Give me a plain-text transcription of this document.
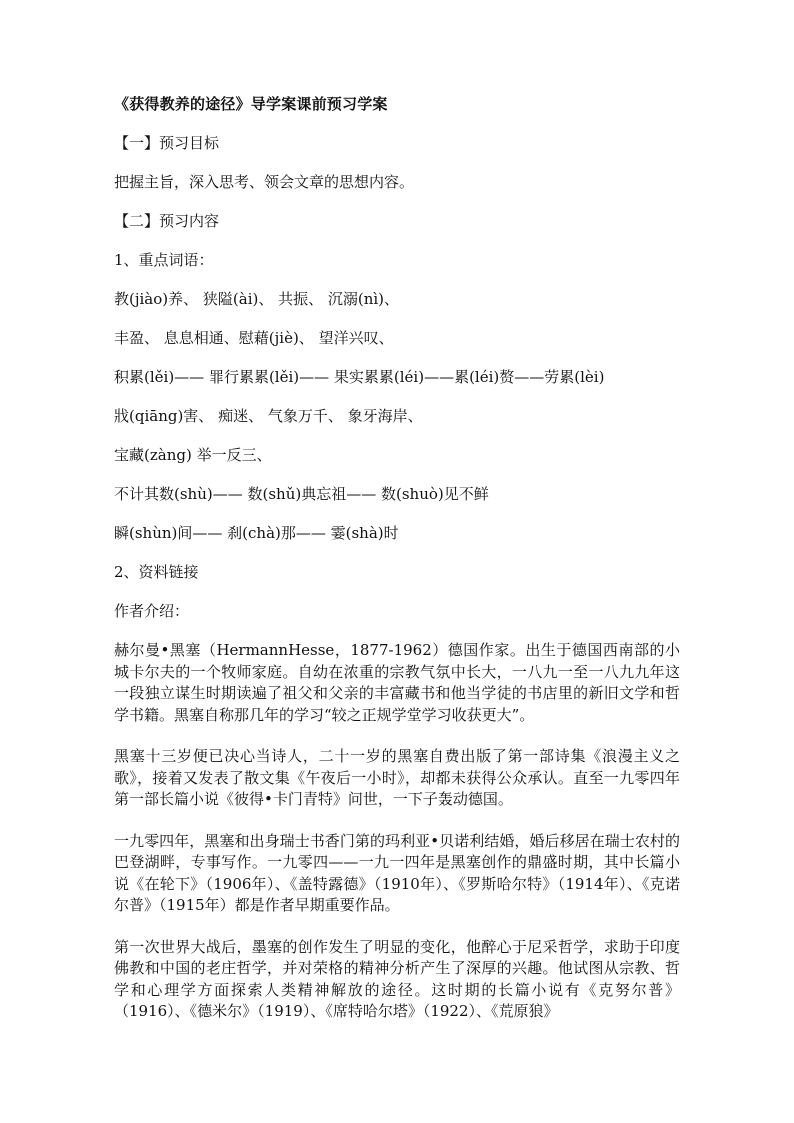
《获得教养的途径》导学案课前预习学案
【一】预习目标
把握主旨，深入思考、领会文章的思想内容。
【二】预习内容
1、重点词语：
教(jiào)养、 狭隘(ài)、 共振、 沉溺(nì)、
丰盈、 息息相通、慰藉(jiè)、 望洋兴叹、
积累(lěi)—— 罪行累累(lěi)—— 果实累累(léi)——累(léi)赘——劳累(lèi)
戕(qiāng)害、 痴迷、 气象万千、 象牙海岸、
宝藏(zàng) 举一反三、
不计其数(shù)—— 数(shǔ)典忘祖—— 数(shuò)见不鲜
瞬(shùn)间—— 刹(chà)那—— 霎(shà)时
2、资料链接
作者介绍：
赫尔曼•黑塞（HermannHesse，1877-1962）德国作家。出生于德国西南部的小城卡尔夫的一个牧师家庭。自幼在浓重的宗教气氛中长大，一八九一至一八九九年这一段独立谋生时期读遍了祖父和父亲的丰富藏书和他当学徒的书店里的新旧文学和哲学书籍。黑塞自称那几年的学习“较之正规学堂学习收获更大”。
黑塞十三岁便已决心当诗人，二十一岁的黑塞自费出版了第一部诗集《浪漫主义之歌》，接着又发表了散文集《午夜后一小时》，却都未获得公众承认。直至一九零四年第一部长篇小说《彼得•卡门青特》问世，一下子轰动德国。
一九零四年，黑塞和出身瑞士书香门第的玛利亚•贝诺利结婚，婚后移居在瑞士农村的巴登湖畔，专事写作。一九零四——一九一四年是黑塞创作的鼎盛时期，其中长篇小说《在轮下》（1906年）、《盖特露德》（1910年）、《罗斯哈尔特》（1914年）、《克诺尔普》（1915年）都是作者早期重要作品。
第一次世界大战后，墨塞的创作发生了明显的变化，他醉心于尼采哲学，求助于印度佛教和中国的老庄哲学，并对荣格的精神分析产生了深厚的兴趣。他试图从宗教、哲学和心理学方面探索人类精神解放的途径。这时期的长篇小说有《克努尔普》（1916）、《德米尔》（1919）、《席特哈尔塔》（1922）、《荒原狼》
